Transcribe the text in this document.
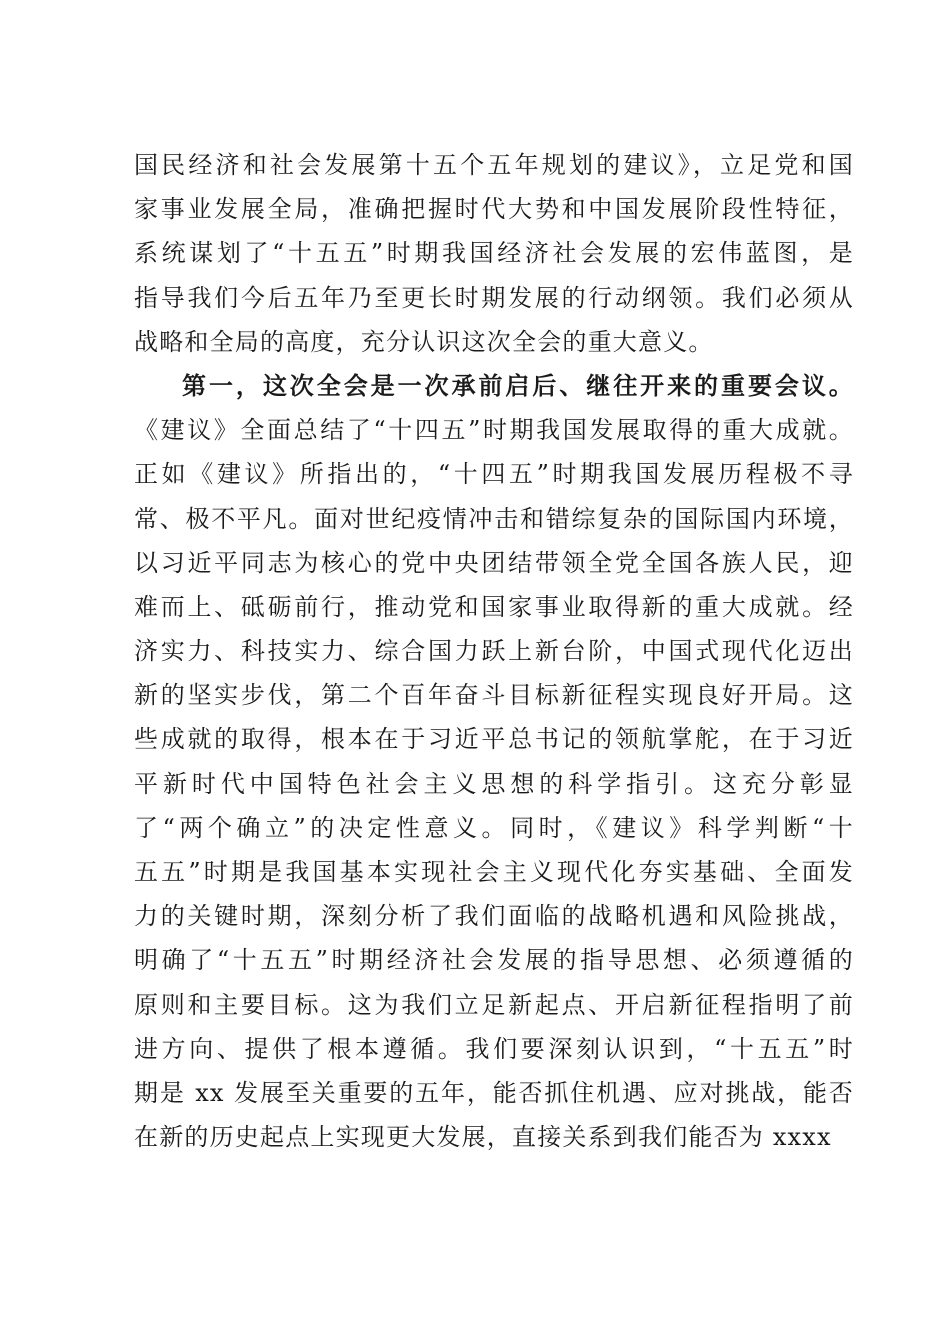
国民经济和社会发展第十五个五年规划的建议》，立足党和国
家事业发展全局，准确把握时代大势和中国发展阶段性特征，
系统谋划了“十五五”时期我国经济社会发展的宏伟蓝图，是
指导我们今后五年乃至更长时期发展的行动纲领。我们必须从
战略和全局的高度，充分认识这次全会的重大意义。
第一，这次全会是一次承前启后、继往开来的重要会议。
《建议》全面总结了“十四五”时期我国发展取得的重大成就。
正如《建议》所指出的，“十四五”时期我国发展历程极不寻
常、极不平凡。面对世纪疫情冲击和错综复杂的国际国内环境，
以习近平同志为核心的党中央团结带领全党全国各族人民，迎
难而上、砥砺前行，推动党和国家事业取得新的重大成就。经
济实力、科技实力、综合国力跃上新台阶，中国式现代化迈出
新的坚实步伐，第二个百年奋斗目标新征程实现良好开局。这
些成就的取得，根本在于习近平总书记的领航掌舵，在于习近
平新时代中国特色社会主义思想的科学指引。这充分彰显
了“两个确立”的决定性意义。同时，《建议》科学判断“十
五五”时期是我国基本实现社会主义现代化夯实基础、全面发
力的关键时期，深刻分析了我们面临的战略机遇和风险挑战，
明确了“十五五”时期经济社会发展的指导思想、必须遵循的
原则和主要目标。这为我们立足新起点、开启新征程指明了前
进方向、提供了根本遵循。我们要深刻认识到，“十五五”时
期是 xx 发展至关重要的五年，能否抓住机遇、应对挑战，能否
在新的历史起点上实现更大发展，直接关系到我们能否为 xxxx
